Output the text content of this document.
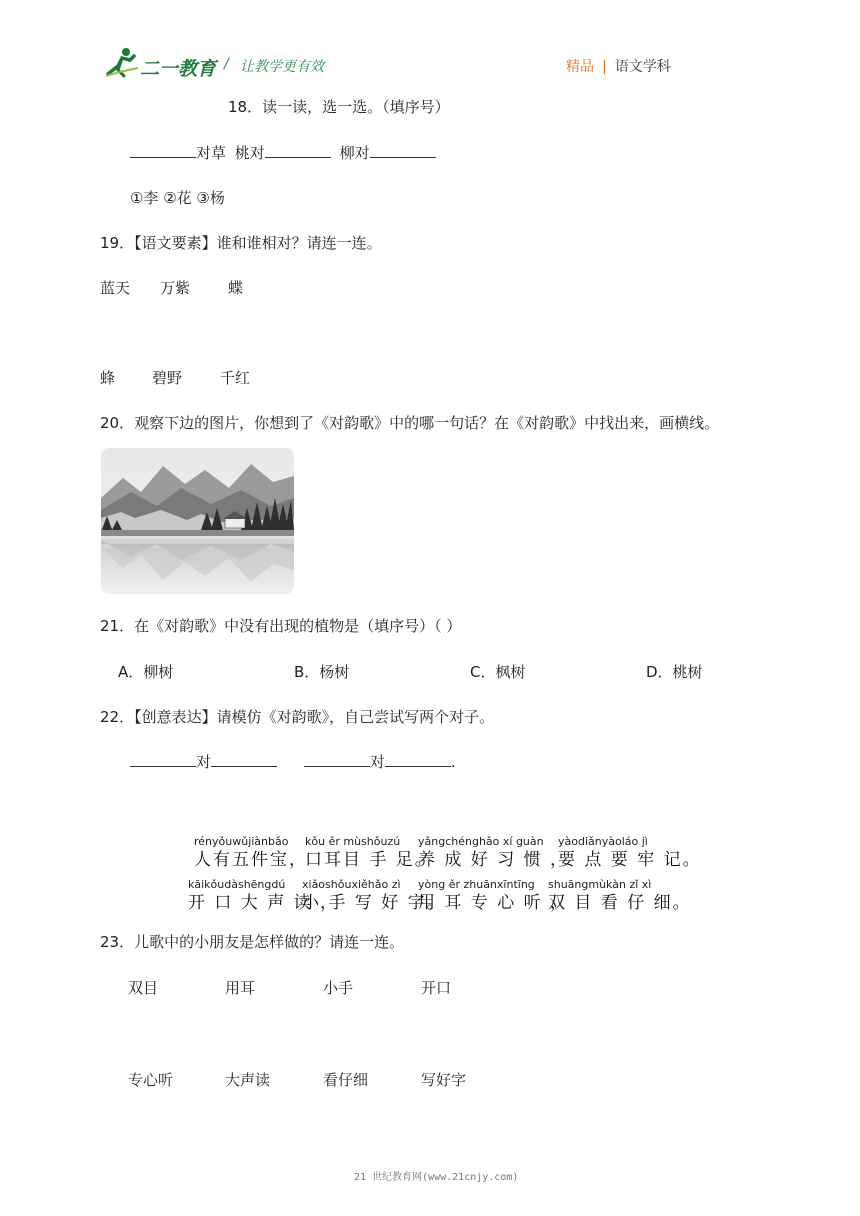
二一教育 / 让教学更有效	精品 | 语文学科
18．读一读，选一选。（填序号）
对草 桃对	柳对
①李 ②花 ③杨
19．【语文要素】谁和谁相对？请连一连。
蓝天 万紫	蝶
蜂 碧野	千红
20．观察下边的图片，你想到了《对韵歌》中的哪一句话？在《对韵歌》中找出来，画横线。
21．在《对韵歌》中没有出现的植物是（填序号）（ ）
A．柳树	B．杨树	C．枫树	D．桃树
22．【创意表达】请模仿《对韵歌》，自己尝试写两个对子。
对	对	.
rényǒuwǔjiànbǎo
人有五件宝，
kǒu ěr mùshǒuzú
口耳目 手 足。
yǎngchénghǎo xí guàn
养 成 好 习 惯 ，
yàodiǎnyàoláo jì
要 点 要 牢 记。
kāikǒudàshēngdú
开 口 大 声 读 ，
xiǎoshǒuxiěhǎo zì
小 手 写 好 字。
yòng ěr zhuānxīntīng
用 耳 专 心 听 ，
shuāngmùkàn zǐ xì
双 目 看 仔 细。
23．儿歌中的小朋友是怎样做的？请连一连。
双目	用耳	小手	开口
专心听	大声读	看仔细	写好字
21 世纪教育网(www.21cnjy.com)
